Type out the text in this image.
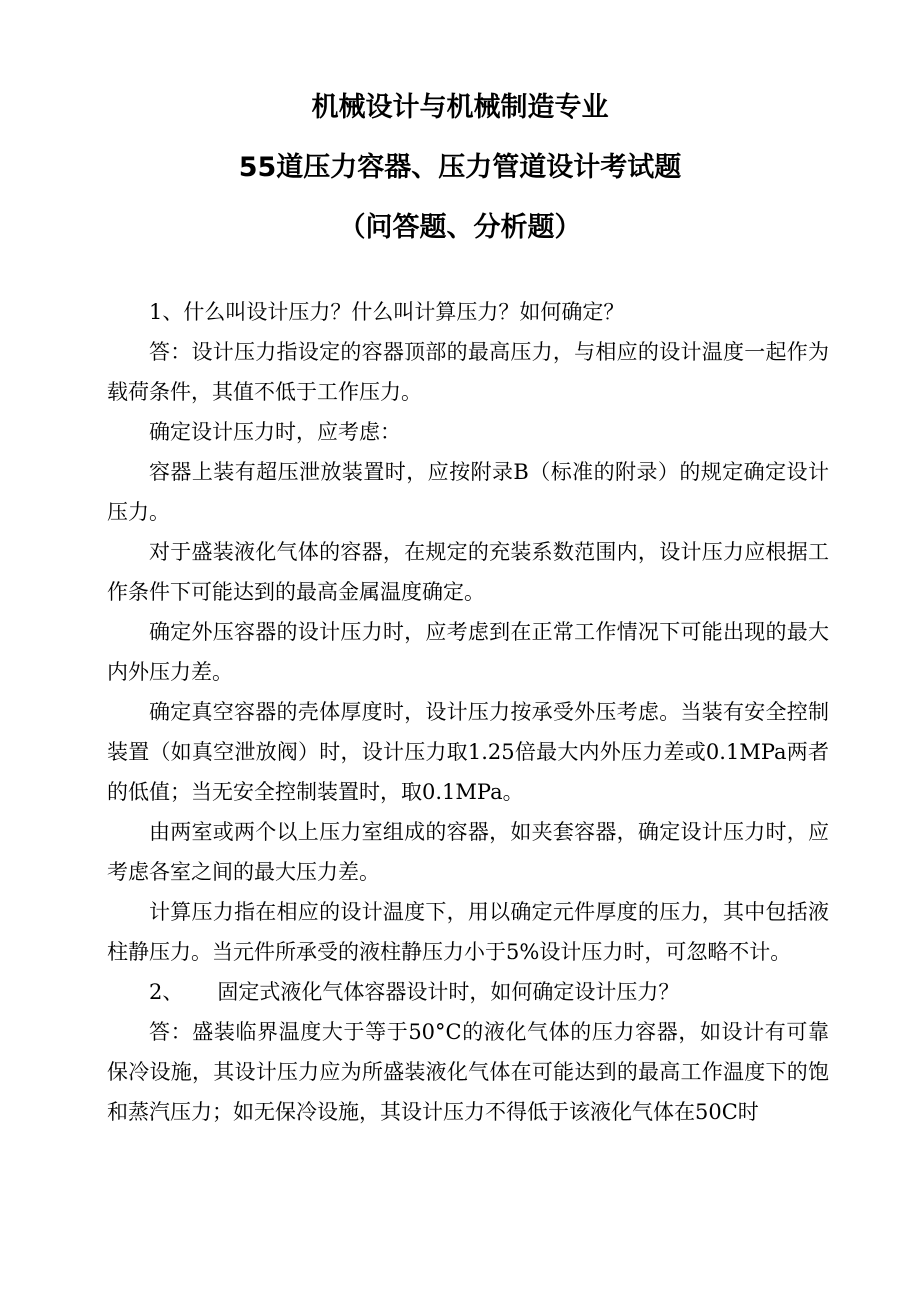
机械设计与机械制造专业
55道压力容器、压力管道设计考试题
（问答题、分析题）

1、什么叫设计压力？什么叫计算压力？如何确定？

答：设计压力指设定的容器顶部的最高压力，与相应的设计温度一起作为载荷条件，其值不低于工作压力。

确定设计压力时，应考虑：

容器上装有超压泄放装置时，应按附录B（标准的附录）的规定确定设计压力。

对于盛装液化气体的容器，在规定的充装系数范围内，设计压力应根据工作条件下可能达到的最高金属温度确定。

确定外压容器的设计压力时，应考虑到在正常工作情况下可能出现的最大内外压力差。

确定真空容器的壳体厚度时，设计压力按承受外压考虑。当装有安全控制装置（如真空泄放阀）时，设计压力取1.25倍最大内外压力差或0.1MPa两者的低值；当无安全控制装置时，取0.1MPa。

由两室或两个以上压力室组成的容器，如夹套容器，确定设计压力时，应考虑各室之间的最大压力差。

计算压力指在相应的设计温度下，用以确定元件厚度的压力，其中包括液柱静压力。当元件所承受的液柱静压力小于5%设计压力时，可忽略不计。

2、 固定式液化气体容器设计时，如何确定设计压力？

答：盛装临界温度大于等于50°C的液化气体的压力容器，如设计有可靠保冷设施，其设计压力应为所盛装液化气体在可能达到的最高工作温度下的饱和蒸汽压力；如无保冷设施，其设计压力不得低于该液化气体在50C时
